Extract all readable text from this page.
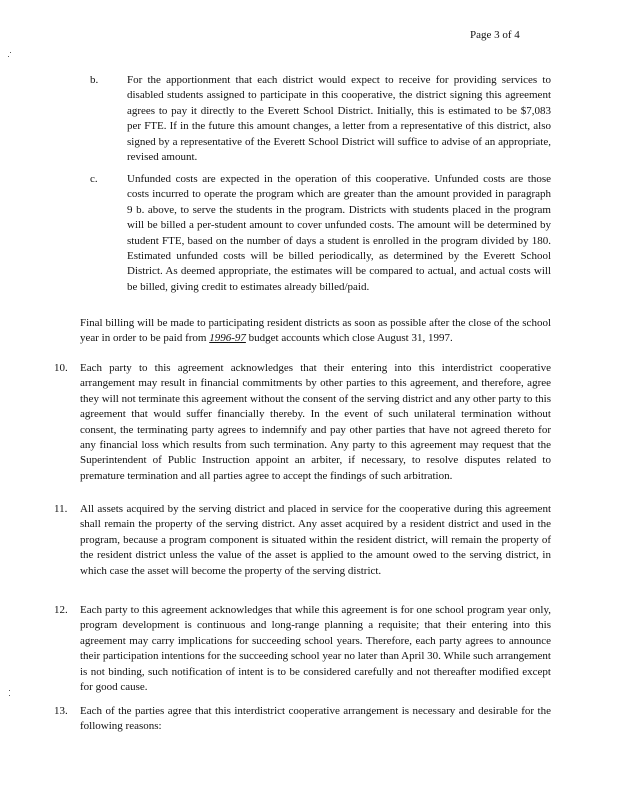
Page 3 of 4
b.	For the apportionment that each district would expect to receive for providing services to disabled students assigned to participate in this cooperative, the district signing this agreement agrees to pay it directly to the Everett School District. Initially, this is estimated to be $7,083 per FTE. If in the future this amount changes, a letter from a representative of this district, also signed by a representative of the Everett School District will suffice to advise of an appropriate, revised amount.
c.	Unfunded costs are expected in the operation of this cooperative. Unfunded costs are those costs incurred to operate the program which are greater than the amount provided in paragraph 9 b. above, to serve the students in the program. Districts with students placed in the program will be billed a per-student amount to cover unfunded costs. The amount will be determined by student FTE, based on the number of days a student is enrolled in the program divided by 180. Estimated unfunded costs will be billed periodically, as determined by the Everett School District. As deemed appropriate, the estimates will be compared to actual, and actual costs will be billed, giving credit to estimates already billed/paid.
Final billing will be made to participating resident districts as soon as possible after the close of the school year in order to be paid from 1996-97 budget accounts which close August 31, 1997.
10. Each party to this agreement acknowledges that their entering into this interdistrict cooperative arrangement may result in financial commitments by other parties to this agreement, and therefore, agree they will not terminate this agreement without the consent of the serving district and any other party to this agreement that would suffer financially thereby. In the event of such unilateral termination without consent, the terminating party agrees to indemnify and pay other parties that have not agreed thereto for any financial loss which results from such termination. Any party to this agreement may request that the Superintendent of Public Instruction appoint an arbiter, if necessary, to resolve disputes related to premature termination and all parties agree to accept the findings of such arbitration.
11. All assets acquired by the serving district and placed in service for the cooperative during this agreement shall remain the property of the serving district. Any asset acquired by a resident district and used in the program, because a program component is situated within the resident district, will remain the property of the resident district unless the value of the asset is applied to the amount owed to the serving district, in which case the asset will become the property of the serving district.
12. Each party to this agreement acknowledges that while this agreement is for one school program year only, program development is continuous and long-range planning a requisite; that their entering into this agreement may carry implications for succeeding school years. Therefore, each party agrees to announce their participation intentions for the succeeding school year no later than April 30. While such arrangement is not binding, such notification of intent is to be considered carefully and not thereafter modified except for good cause.
13. Each of the parties agree that this interdistrict cooperative arrangement is necessary and desirable for the following reasons:
